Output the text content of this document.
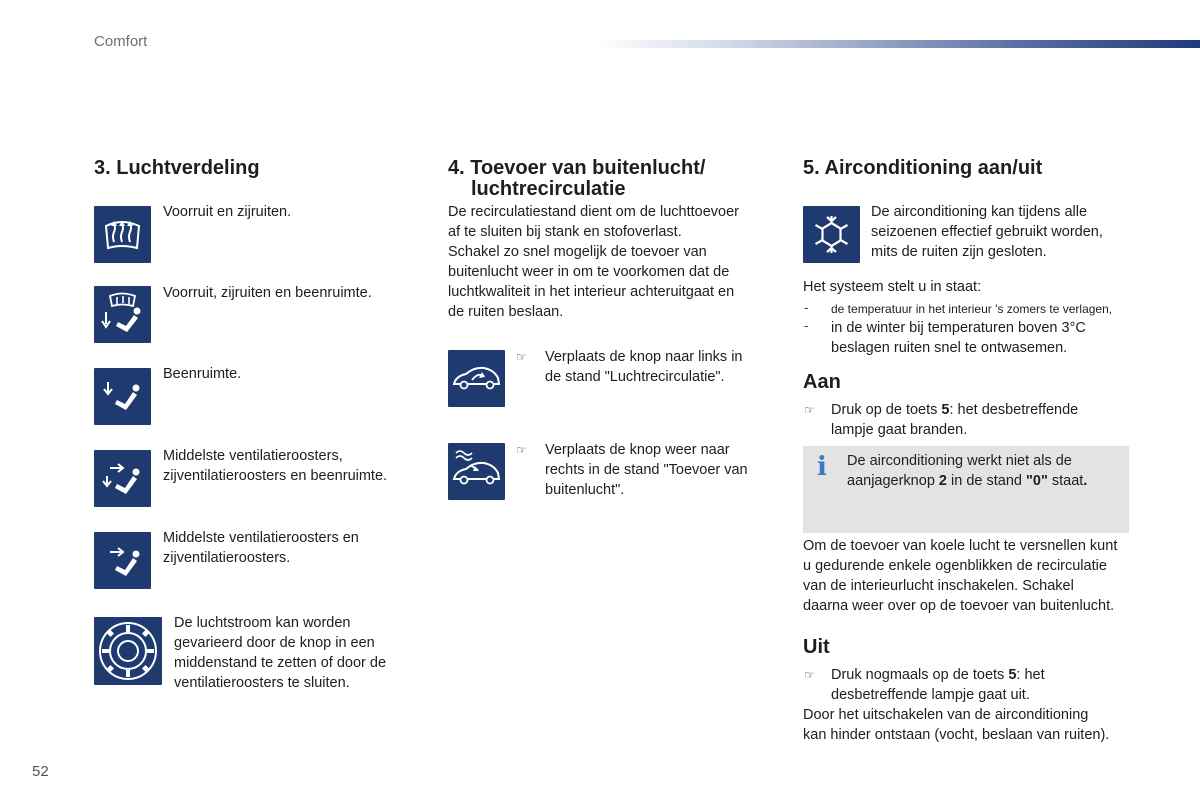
Comfort
3. Luchtverdeling
Voorruit en zijruiten.
Voorruit, zijruiten en beenruimte.
Beenruimte.

Middelste ventilatieroosters,

zijventilatieroosters en beenruimte.

Middelste ventilatieroosters en

zijventilatieroosters.

De luchtstroom kan worden

gevarieerd door de knop in een

middenstand te zetten of door de

ventilatieroosters te sluiten.

4. Toevoer van buitenlucht/
luchtrecirculatie

De recirculatiestand dient om de luchttoevoer

af te sluiten bij stank en stofoverlast.

Schakel zo snel mogelijk de toevoer van

buitenlucht weer in om te voorkomen dat de

luchtkwaliteit in het interieur achteruitgaat en

de ruiten beslaan.

☞ Verplaats de knop naar links in

de stand "Luchtrecirculatie".

☞ Verplaats de knop weer naar

rechts in de stand "Toevoer van

buitenlucht".

5. Airconditioning aan/uit

De airconditioning kan tijdens alle

seizoenen effectief gebruikt worden,

mits de ruiten zijn gesloten.

Het systeem stelt u in staat:
- de temperatuur in het interieur 's zomers te verlagen,
- in de winter bij temperaturen boven 3°C

beslagen ruiten snel te ontwasemen.

Aan
☞ Druk op de toets 5: het desbetreffende

lampje gaat branden.

i De airconditioning werkt niet als de

aanjagerknop 2 in de stand "0" staat.

Om de toevoer van koele lucht te versnellen kunt

u gedurende enkele ogenblikken de recirculatie

van de interieurlucht inschakelen. Schakel

daarna weer over op de toevoer van buitenlucht.

Uit
☞ Druk nogmaals op de toets 5: het

desbetreffende lampje gaat uit.

Door het uitschakelen van de airconditioning

kan hinder ontstaan (vocht, beslaan van ruiten).

52
